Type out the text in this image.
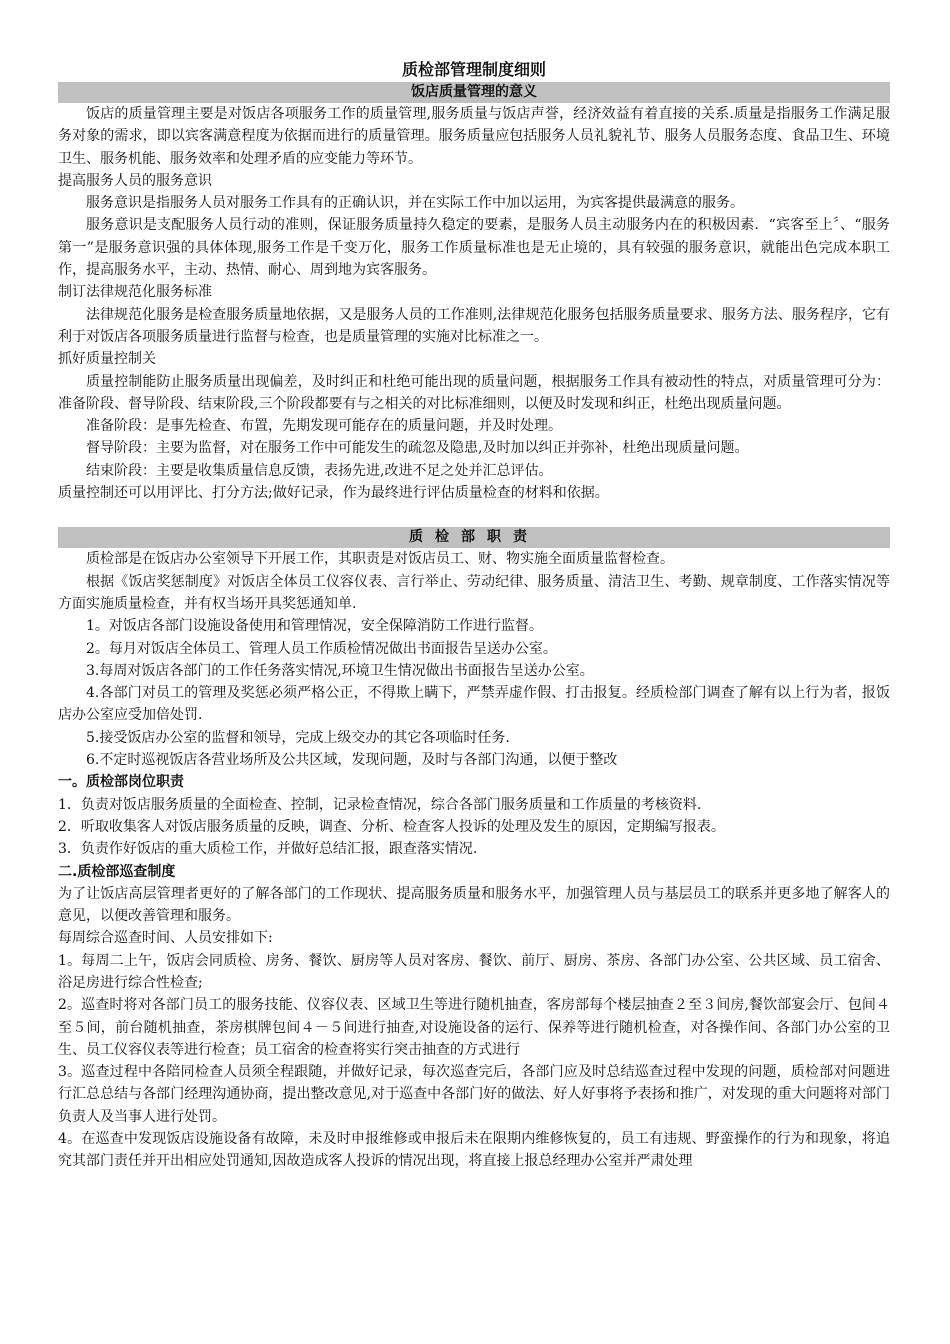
质检部管理制度细则
饭店质量管理的意义

饭店的质量管理主要是对饭店各项服务工作的质量管理,服务质量与饭店声誉，经济效益有着直接的关系.质量是指服务工作满足服务对象的需求，即以宾客满意程度为依据而进行的质量管理。服务质量应包括服务人员礼貌礼节、服务人员服务态度、食品卫生、环境卫生、服务机能、服务效率和处理矛盾的应变能力等环节。

提高服务人员的服务意识

服务意识是指服务人员对服务工作具有的正确认识，并在实际工作中加以运用，为宾客提供最满意的服务。

服务意识是支配服务人员行动的准则，保证服务质量持久稳定的要素，是服务人员主动服务内在的积极因素．“宾客至上〞、“服务第一”是服务意识强的具体体现,服务工作是千变万化，服务工作质量标准也是无止境的，具有较强的服务意识，就能出色完成本职工作，提高服务水平，主动、热情、耐心、周到地为宾客服务。

制订法律规范化服务标准

法律规范化服务是检查服务质量地依据，又是服务人员的工作准则,法律规范化服务包括服务质量要求、服务方法、服务程序，它有利于对饭店各项服务质量进行监督与检查，也是质量管理的实施对比标准之一。

抓好质量控制关

质量控制能防止服务质量出现偏差，及时纠正和杜绝可能出现的质量问题，根据服务工作具有被动性的特点，对质量管理可分为：准备阶段、督导阶段、结束阶段,三个阶段都要有与之相关的对比标准细则，以便及时发现和纠正，杜绝出现质量问题。

准备阶段：是事先检查、布置，先期发现可能存在的质量问题，并及时处理。

督导阶段：主要为监督，对在服务工作中可能发生的疏忽及隐患,及时加以纠正并弥补，杜绝出现质量问题。

结束阶段：主要是收集质量信息反馈，表扬先进,改进不足之处并汇总评估。

质量控制还可以用评比、打分方法;做好记录，作为最终进行评估质量检查的材料和依据。

质检部职责

质检部是在饭店办公室领导下开展工作，其职责是对饭店员工、财、物实施全面质量监督检查。

根据《饭店奖惩制度》对饭店全体员工仪容仪表、言行举止、劳动纪律、服务质量、清洁卫生、考勤、规章制度、工作落实情况等方面实施质量检查，并有权当场开具奖惩通知单.

1。对饭店各部门设施设备使用和管理情况，安全保障消防工作进行监督。

2。每月对饭店全体员工、管理人员工作质检情况做出书面报告呈送办公室。

3.每周对饭店各部门的工作任务落实情况,环境卫生情况做出书面报告呈送办公室。

4.各部门对员工的管理及奖惩必须严格公正，不得欺上瞒下，严禁弄虚作假、打击报复。经质检部门调查了解有以上行为者，报饭店办公室应受加倍处罚.

5.接受饭店办公室的监督和领导，完成上级交办的其它各项临时任务.

6.不定时巡视饭店各营业场所及公共区域，发现问题，及时与各部门沟通，以便于整改

一。质检部岗位职责

1．负责对饭店服务质量的全面检查、控制，记录检查情况，综合各部门服务质量和工作质量的考核资料.

2．听取收集客人对饭店服务质量的反映，调查、分析、检查客人投诉的处理及发生的原因，定期编写报表。

3．负责作好饭店的重大质检工作，并做好总结汇报，跟查落实情况.

二.质检部巡查制度

为了让饭店高层管理者更好的了解各部门的工作现状、提高服务质量和服务水平，加强管理人员与基层员工的联系并更多地了解客人的意见，以便改善管理和服务。

每周综合巡查时间、人员安排如下:

1。每周二上午，饭店会同质检、房务、餐饮、厨房等人员对客房、餐饮、前厅、厨房、茶房、各部门办公室、公共区域、员工宿舍、浴足房进行综合性检查;

2。巡查时将对各部门员工的服务技能、仪容仪表、区域卫生等进行随机抽查，客房部每个楼层抽查２至３间房,餐饮部宴会厅、包间４至５间，前台随机抽查，茶房棋牌包间４－５间进行抽查,对设施设备的运行、保养等进行随机检查，对各操作间、各部门办公室的卫生、员工仪容仪表等进行检查；员工宿舍的检查将实行突击抽查的方式进行

3。巡查过程中各陪同检查人员须全程跟随，并做好记录，每次巡查完后，各部门应及时总结巡查过程中发现的问题，质检部对问题进行汇总总结与各部门经理沟通协商，提出整改意见,对于巡查中各部门好的做法、好人好事将予表扬和推广，对发现的重大问题将对部门负责人及当事人进行处罚。

4。在巡查中发现饭店设施设备有故障，未及时申报维修或申报后未在限期内维修恢复的，员工有违规、野蛮操作的行为和现象，将追究其部门责任并开出相应处罚通知,因故造成客人投诉的情况出现，将直接上报总经理办公室并严肃处理
